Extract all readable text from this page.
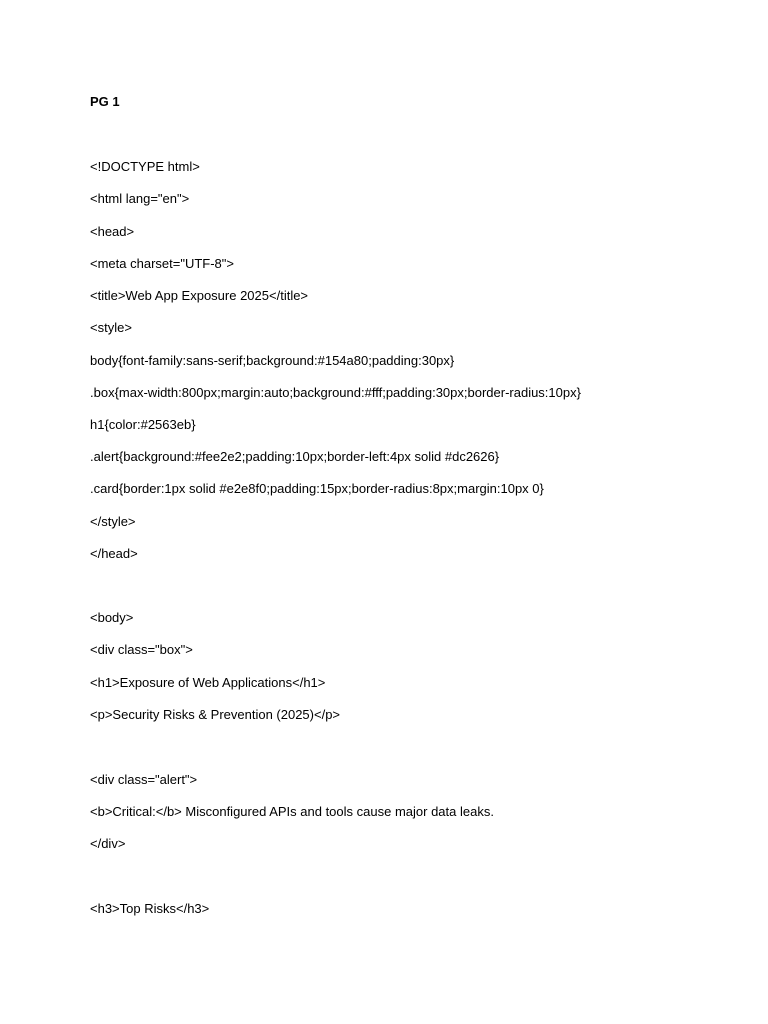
PG 1
<!DOCTYPE html>
<html lang="en">
<head>
<meta charset="UTF-8">
<title>Web App Exposure 2025</title>
<style>
body{font-family:sans-serif;background:#154a80;padding:30px}
.box{max-width:800px;margin:auto;background:#fff;padding:30px;border-radius:10px}
h1{color:#2563eb}
.alert{background:#fee2e2;padding:10px;border-left:4px solid #dc2626}
.card{border:1px solid #e2e8f0;padding:15px;border-radius:8px;margin:10px 0}
</style>
</head>
<body>
<div class="box">
<h1>Exposure of Web Applications</h1>
<p>Security Risks & Prevention (2025)</p>
<div class="alert">
<b>Critical:</b> Misconfigured APIs and tools cause major data leaks.
</div>
<h3>Top Risks</h3>
